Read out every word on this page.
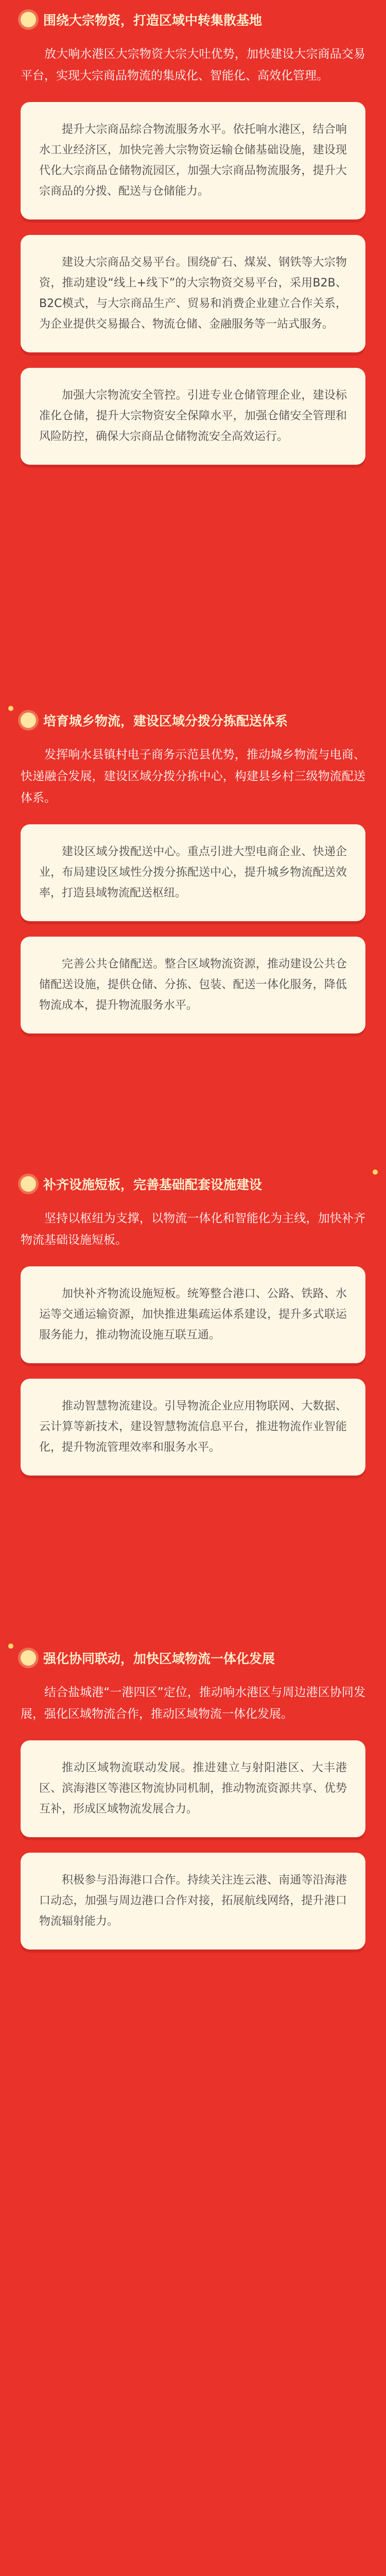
围绕大宗物资，打造区域中转集散基地

放大响水港区大宗物资大宗大吐优势，加快建设大宗商品交易平台，实现大宗商品物流的集成化、智能化、高效化管理。

提升大宗商品综合物流服务水平。依托响水港区，结合响水工业经济区，加快完善大宗物资运输仓储基础设施，建设现代化大宗商品仓储物流园区，加强大宗商品物流服务，提升大宗商品的分拨、配送与仓储能力。

建设大宗商品交易平台。围绕矿石、煤炭、钢铁等大宗物资，推动建设“线上+线下”的大宗物资交易平台，采用B2B、B2C模式，与大宗商品生产、贸易和消费企业建立合作关系，为企业提供交易撮合、物流仓储、金融服务等一站式服务。

加强大宗物流安全管控。引进专业仓储管理企业，建设标准化仓储，提升大宗物资安全保障水平，加强仓储安全管理和风险防控，确保大宗商品仓储物流安全高效运行。

培育城乡物流，建设区域分拨分拣配送体系

发挥响水县镇村电子商务示范县优势，推动城乡物流与电商、快递融合发展，建设区域分拨分拣中心，构建县乡村三级物流配送体系。

建设区域分拨配送中心。重点引进大型电商企业、快递企业，布局建设区域性分拨分拣配送中心，提升城乡物流配送效率，打造县域物流配送枢纽。

完善公共仓储配送。整合区域物流资源，推动建设公共仓储配送设施，提供仓储、分拣、包装、配送一体化服务，降低物流成本，提升物流服务水平。

补齐设施短板，完善基础配套设施建设

坚持以枢纽为支撑，以物流一体化和智能化为主线，加快补齐物流基础设施短板。

加快补齐物流设施短板。统筹整合港口、公路、铁路、水运等交通运输资源，加快推进集疏运体系建设，提升多式联运服务能力，推动物流设施互联互通。

推动智慧物流建设。引导物流企业应用物联网、大数据、云计算等新技术，建设智慧物流信息平台，推进物流作业智能化，提升物流管理效率和服务水平。

强化协同联动，加快区域物流一体化发展

结合盐城港“一港四区”定位，推动响水港区与周边港区协同发展，强化区域物流合作，推动区域物流一体化发展。

推动区域物流联动发展。推进建立与射阳港区、大丰港区、滨海港区等港区物流协同机制，推动物流资源共享、优势互补，形成区域物流发展合力。

积极参与沿海港口合作。持续关注连云港、南通等沿海港口动态，加强与周边港口合作对接，拓展航线网络，提升港口物流辐射能力。
